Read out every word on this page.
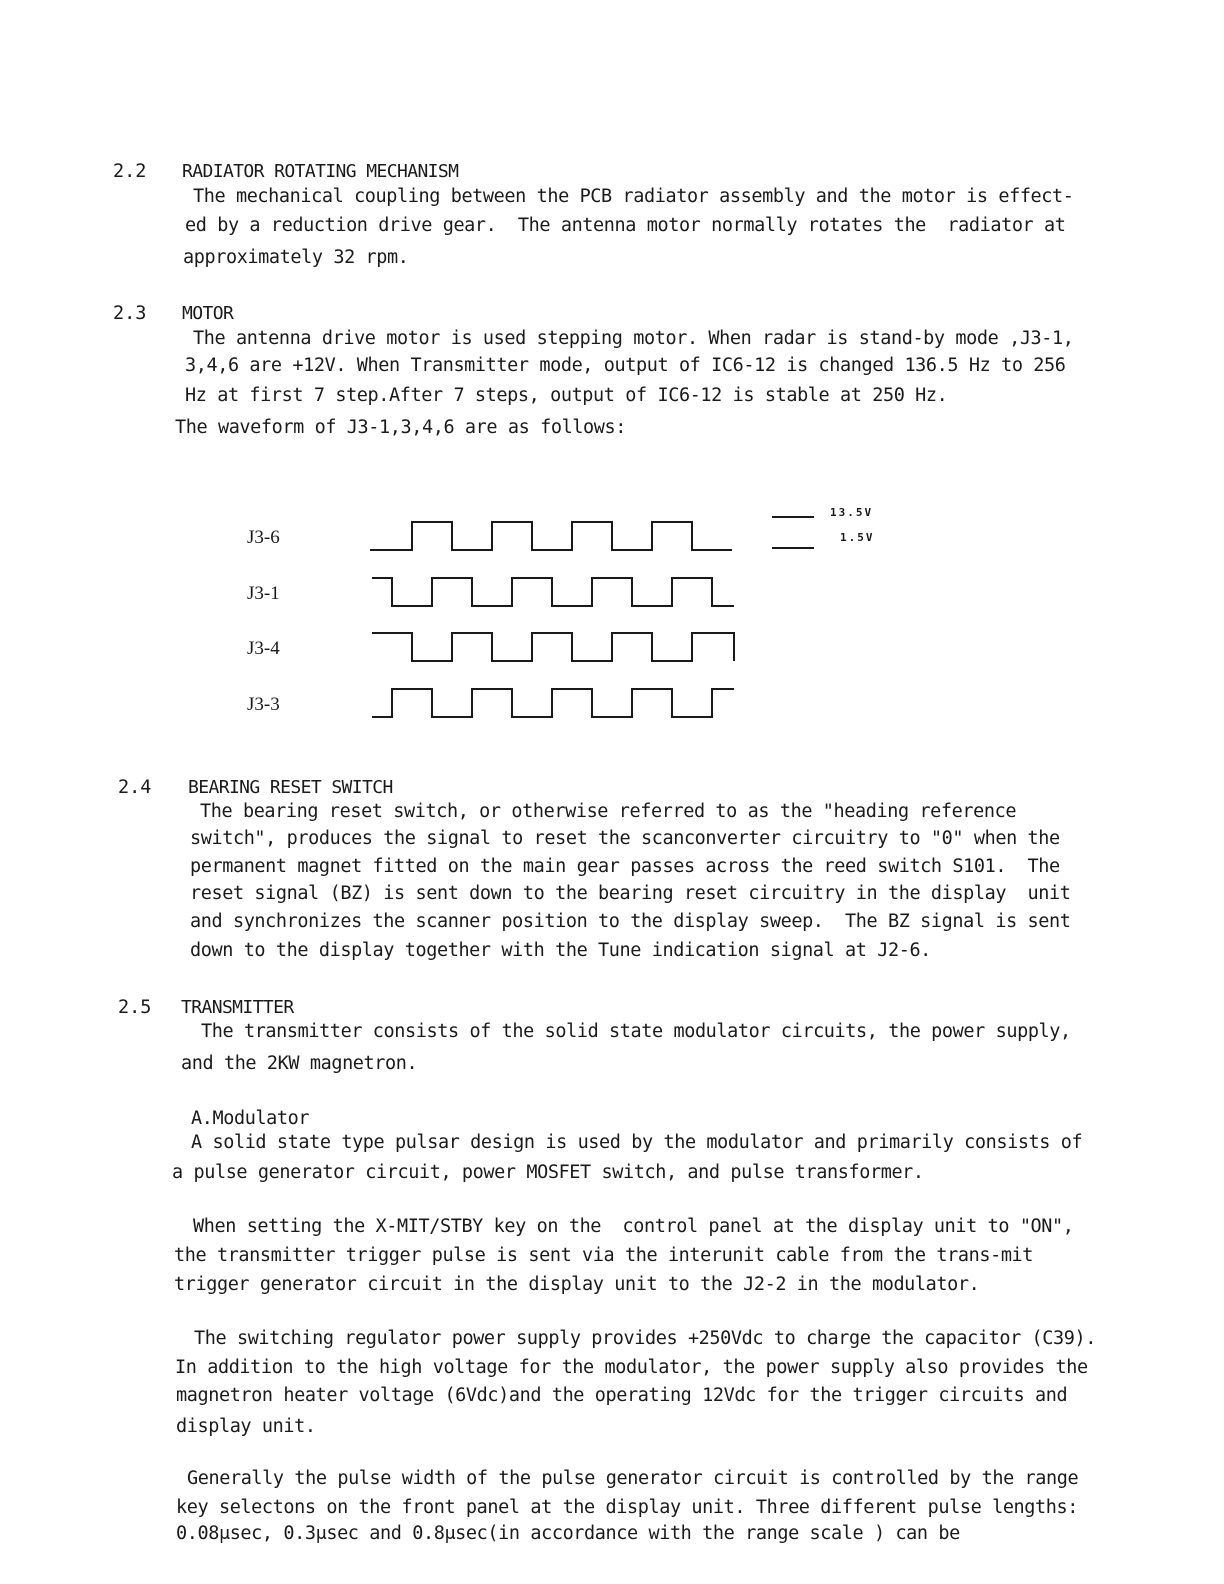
2.2 RADIATOR ROTATING MECHANISM
The mechanical coupling between the PCB radiator assembly and the motor is effect-
ed by a reduction drive gear.  The antenna motor normally rotates the  radiator at
approximately 32 rpm.
2.3 MOTOR
The antenna drive motor is used stepping motor. When radar is stand-by mode ,J3-1,
3,4,6 are +12V. When Transmitter mode, output of IC6-12 is changed 136.5 Hz to 256
Hz at first 7 step.After 7 steps, output of IC6-12 is stable at 250 Hz.
The waveform of J3-1,3,4,6 are as follows:
J3-6
J3-1
J3-4
J3-3
13.5V
1.5V
2.4 BEARING RESET SWITCH
The bearing reset switch, or otherwise referred to as the "heading reference
switch", produces the signal to reset the scanconverter circuitry to "0" when the
permanent magnet fitted on the main gear passes across the reed switch S101.  The
reset signal (BZ) is sent down to the bearing reset circuitry in the display  unit
and synchronizes the scanner position to the display sweep.  The BZ signal is sent
down to the display together with the Tune indication signal at J2-6.
2.5 TRANSMITTER
The transmitter consists of the solid state modulator circuits, the power supply,
and the 2KW magnetron.
A.Modulator
A solid state type pulsar design is used by the modulator and primarily consists of
a pulse generator circuit, power MOSFET switch, and pulse transformer.
When setting the X-MIT/STBY key on the  control panel at the display unit to "ON",
the transmitter trigger pulse is sent via the interunit cable from the trans-mit
trigger generator circuit in the display unit to the J2-2 in the modulator.
The switching regulator power supply provides +250Vdc to charge the capacitor (C39).
In addition to the high voltage for the modulator, the power supply also provides the
magnetron heater voltage (6Vdc)and the operating 12Vdc for the trigger circuits and
display unit.
Generally the pulse width of the pulse generator circuit is controlled by the range
key selectons on the front panel at the display unit. Three different pulse lengths:
0.08μsec, 0.3μsec and 0.8μsec(in accordance with the range scale ) can be
